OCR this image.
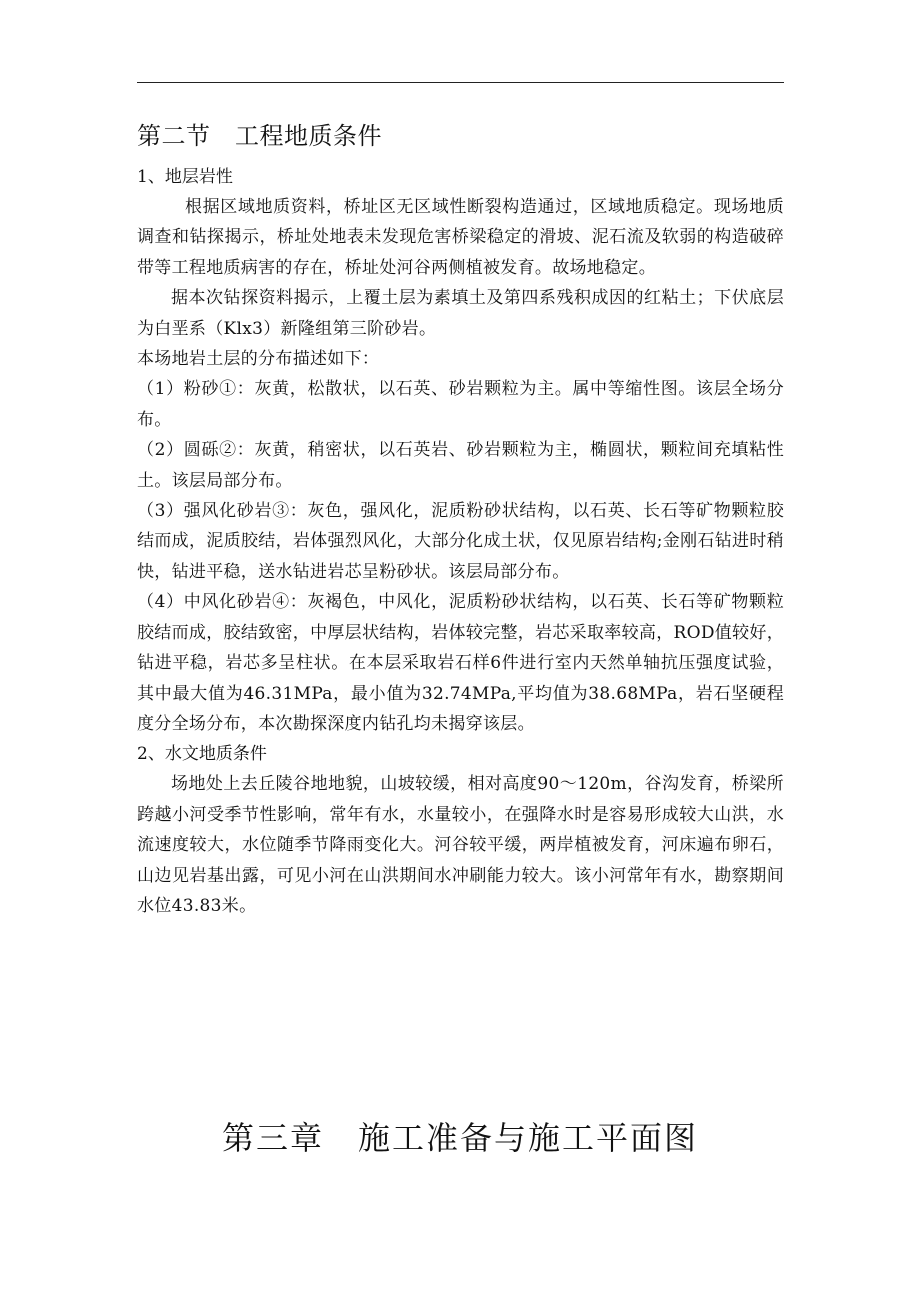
第二节　工程地质条件

1、地层岩性

根据区域地质资料，桥址区无区域性断裂构造通过，区域地质稳定。现场地质调查和钻探揭示，桥址处地表未发现危害桥梁稳定的滑坡、泥石流及软弱的构造破碎带等工程地质病害的存在，桥址处河谷两侧植被发育。故场地稳定。

据本次钻探资料揭示，上覆土层为素填土及第四系残积成因的红粘土；下伏底层为白垩系（Klx3）新隆组第三阶砂岩。

本场地岩土层的分布描述如下：

（1）粉砂①：灰黄，松散状，以石英、砂岩颗粒为主。属中等缩性图。该层全场分布。

（2）圆砾②：灰黄，稍密状，以石英岩、砂岩颗粒为主，椭圆状，颗粒间充填粘性土。该层局部分布。

（3）强风化砂岩③：灰色，强风化，泥质粉砂状结构，以石英、长石等矿物颗粒胶结而成，泥质胶结，岩体强烈风化，大部分化成土状，仅见原岩结构;金刚石钻进时稍快，钻进平稳，送水钻进岩芯呈粉砂状。该层局部分布。

（4）中风化砂岩④：灰褐色，中风化，泥质粉砂状结构，以石英、长石等矿物颗粒胶结而成，胶结致密，中厚层状结构，岩体较完整，岩芯采取率较高，ROD值较好，钻进平稳，岩芯多呈柱状。在本层采取岩石样6件进行室内天然单轴抗压强度试验，其中最大值为46.31MPa，最小值为32.74MPa,平均值为38.68MPa，岩石坚硬程度分全场分布，本次勘探深度内钻孔均未揭穿该层。

2、水文地质条件

场地处上去丘陵谷地地貌，山坡较缓，相对高度90～120m，谷沟发育，桥梁所跨越小河受季节性影响，常年有水，水量较小，在强降水时是容易形成较大山洪，水流速度较大，水位随季节降雨变化大。河谷较平缓，两岸植被发育，河床遍布卵石，山边见岩基出露，可见小河在山洪期间水冲刷能力较大。该小河常年有水，勘察期间水位43.83米。

第三章　施工准备与施工平面图
